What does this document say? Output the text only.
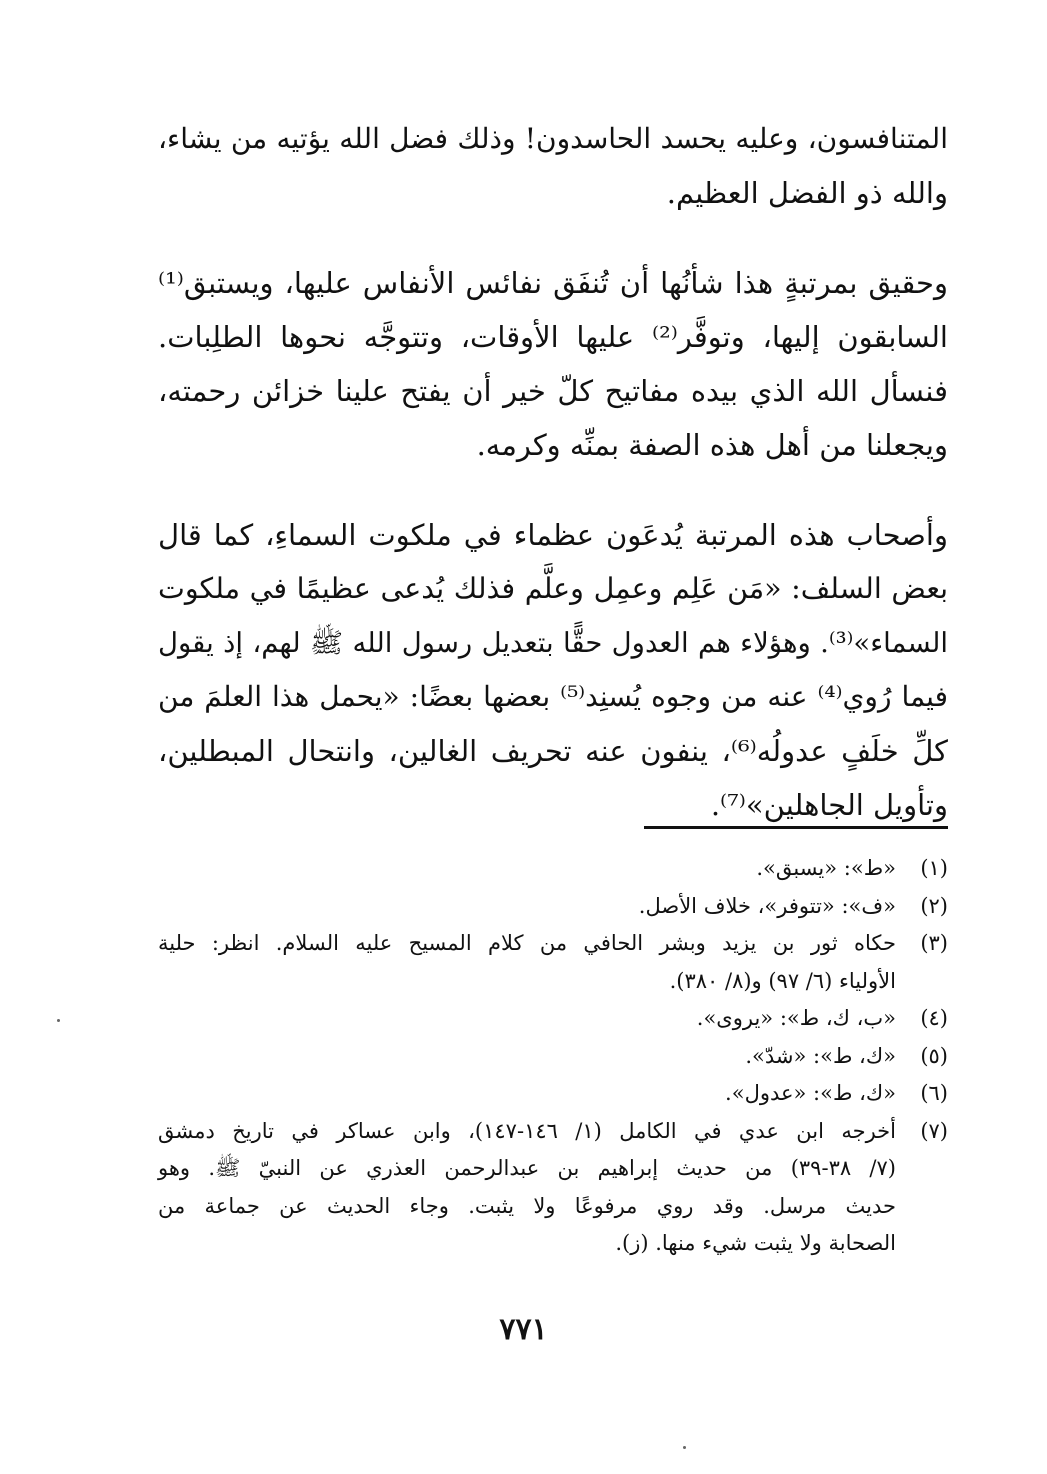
المتنافسون، وعليه يحسد الحاسدون! وذلك فضل الله يؤتيه من يشاء،
والله ذو الفضل العظيم.
وحقيق بمرتبةٍ هذا شأنُها أن تُنفَق نفائس الأنفاس عليها، ويستبق⁽¹⁾
السابقون إليها، وتوفَّر⁽²⁾ عليها الأوقات، وتتوجَّه نحوها الطلِبات.
فنسأل الله الذي بيده مفاتيح كلّ خير أن يفتح علينا خزائن رحمته،
ويجعلنا من أهل هذه الصفة بمنِّه وكرمه.
وأصحاب هذه المرتبة يُدعَون عظماء في ملكوت السماءِ، كما قال
بعض السلف: «مَن عَلِم وعمِل وعلَّم فذلك يُدعى عظيمًا في ملكوت
السماء»⁽³⁾. وهؤلاء هم العدول حقًّا بتعديل رسول الله ﷺ لهم، إذ يقول
فيما رُوي⁽⁴⁾ عنه من وجوه يُسنِد⁽⁵⁾ بعضها بعضًا: «يحمل هذا العلمَ من
كلِّ خلَفٍ عدولُه⁽⁶⁾، ينفون عنه تحريف الغالين، وانتحال المبطلين،
وتأويل الجاهلين»⁽⁷⁾.
(١)
«ط»: «يسبق».
(٢)
«ف»: «تتوفر»، خلاف الأصل.
(٣)
حكاه ثور بن يزيد وبشر الحافي من كلام المسيح عليه السلام. انظر: حلية
الأولياء (٦/ ٩٧) و(٨/ ٣٨٠).
(٤)
«ب، ك، ط»: «يروى».
(٥)
«ك، ط»: «شدّ».
(٦)
«ك، ط»: «عدول».
(٧)
أخرجه ابن عدي في الكامل (١/ ١٤٦-١٤٧)، وابن عساكر في تاريخ دمشق
(٧/ ٣٨-٣٩) من حديث إبراهيم بن عبدالرحمن العذري عن النبيّ ﷺ. وهو
حديث مرسل. وقد روي مرفوعًا ولا يثبت. وجاء الحديث عن جماعة من
الصحابة ولا يثبت شيء منها. (ز).
٧٧١
